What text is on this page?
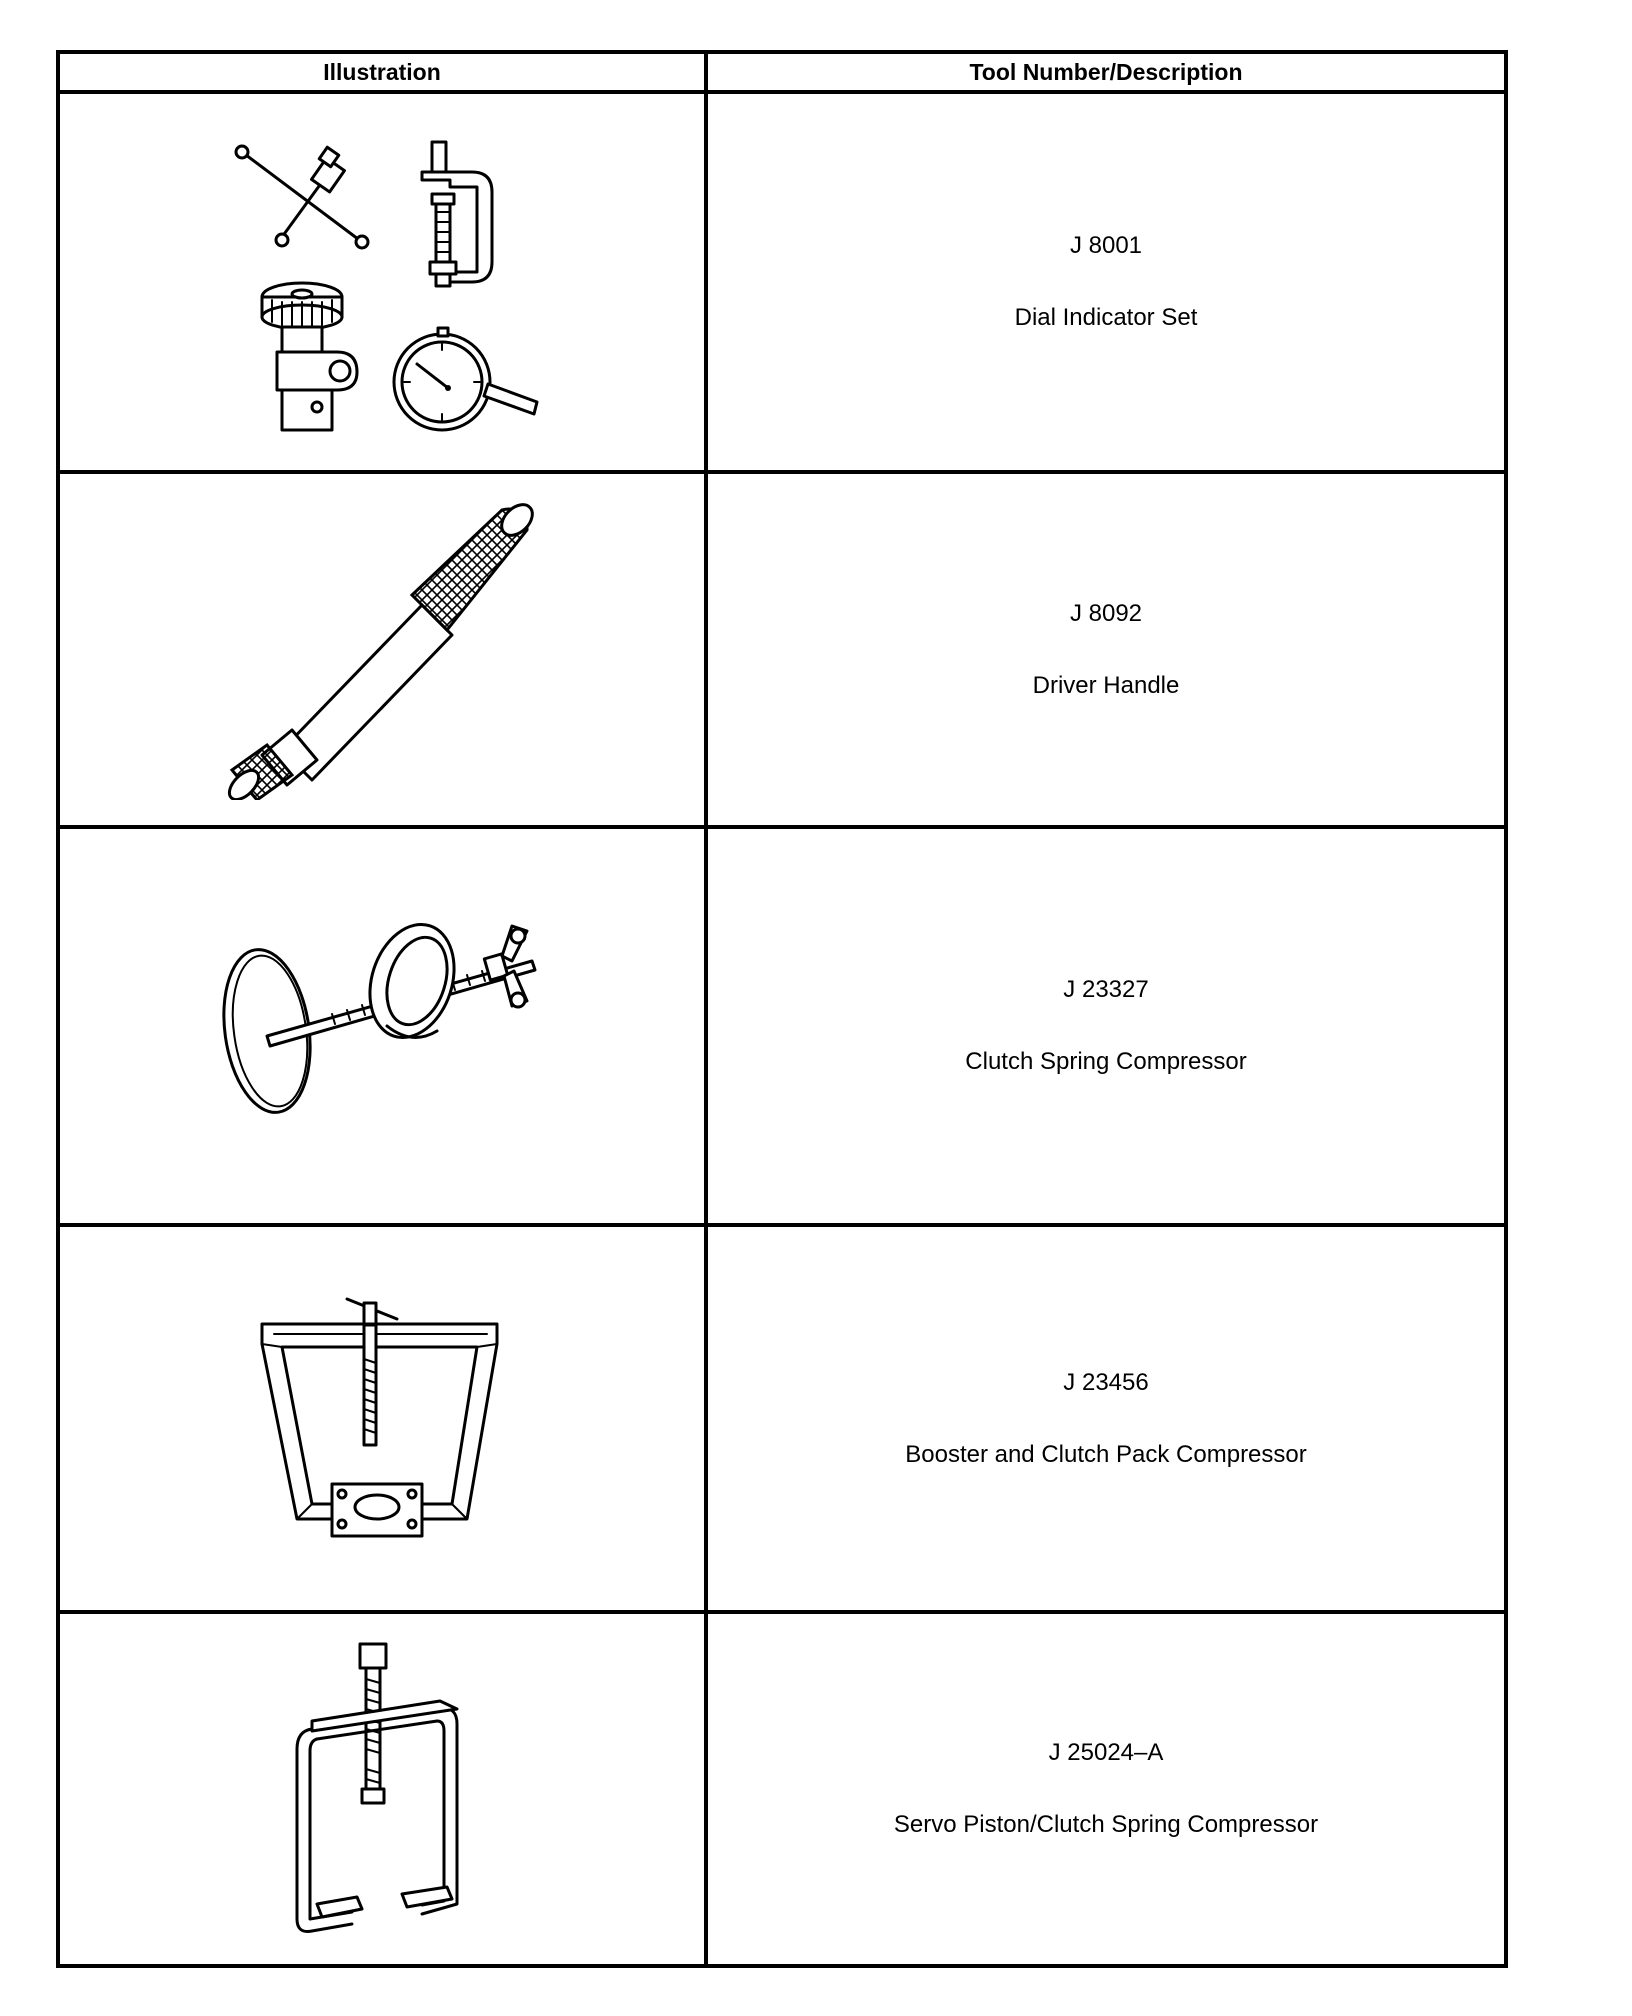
Illustration	Tool Number/Description

J 8001
Dial Indicator Set

J 8092
Driver Handle

J 23327
Clutch Spring Compressor

J 23456
Booster and Clutch Pack Compressor

J 25024–A
Servo Piston/Clutch Spring Compressor
